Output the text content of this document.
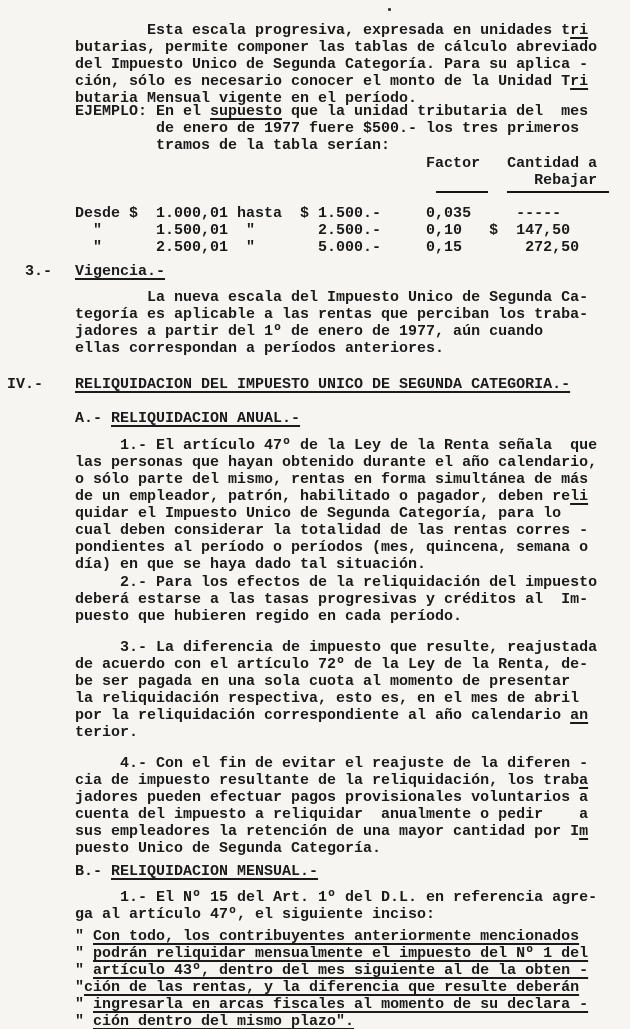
Esta escala progresiva, expresada en unidades tri
butarias, permite componer las tablas de cálculo abreviado
del Impuesto Unico de Segunda Categoría. Para su aplica -
ción, sólo es necesario conocer el monto de la Unidad Tri
butaria Mensual vigente en el período.
EJEMPLO: En el supuesto que la unidad tributaria del  mes
de enero de 1977 fuere $500.- los tres primeros
tramos de la tabla serían:
Factor   Cantidad a
Rebajar
Desde $  1.000,01 hasta  $ 1.500.-     0,035     -----
"      1.500,01  "       2.500.-     0,10   $  147,50
"      2.500,01  "       5.000.-     0,15       272,50
3.- Vigencia.-
La nueva escala del Impuesto Unico de Segunda Ca-
tegoría es aplicable a las rentas que perciban los traba-
jadores a partir del 1º de enero de 1977, aún cuando
ellas correspondan a períodos anteriores.
IV.- RELIQUIDACION DEL IMPUESTO UNICO DE SEGUNDA CATEGORIA.-
A.- RELIQUIDACION ANUAL.-
1.- El artículo 47º de la Ley de la Renta señala  que
las personas que hayan obtenido durante el año calendario,
o sólo parte del mismo, rentas en forma simultánea de más
de un empleador, patrón, habilitado o pagador, deben reli
quidar el Impuesto Unico de Segunda Categoría, para lo
cual deben considerar la totalidad de las rentas corres -
pondientes al período o períodos (mes, quincena, semana o
día) en que se haya dado tal situación.
2.- Para los efectos de la reliquidación del impuesto
deberá estarse a las tasas progresivas y créditos al  Im-
puesto que hubieren regido en cada período.
3.- La diferencia de impuesto que resulte, reajustada
de acuerdo con el artículo 72º de la Ley de la Renta, de-
be ser pagada en una sola cuota al momento de presentar
la reliquidación respectiva, esto es, en el mes de abril
por la reliquidación correspondiente al año calendario an
terior.
4.- Con el fin de evitar el reajuste de la diferen -
cia de impuesto resultante de la reliquidación, los traba
jadores pueden efectuar pagos provisionales voluntarios a
cuenta del impuesto a reliquidar  anualmente o pedir    a
sus empleadores la retención de una mayor cantidad por Im
puesto Unico de Segunda Categoría.
B.- RELIQUIDACION MENSUAL.-
1.- El Nº 15 del Art. 1º del D.L. en referencia agre-
ga al artículo 47º, el siguiente inciso:
" Con todo, los contribuyentes anteriormente mencionados
" podrán reliquidar mensualmente el impuesto del Nº 1 del
" artículo 43º, dentro del mes siguiente al de la obten -
"ción de las rentas, y la diferencia que resulte deberán
" ingresarla en arcas fiscales al momento de su declara -
" ción dentro del mismo plazo".
